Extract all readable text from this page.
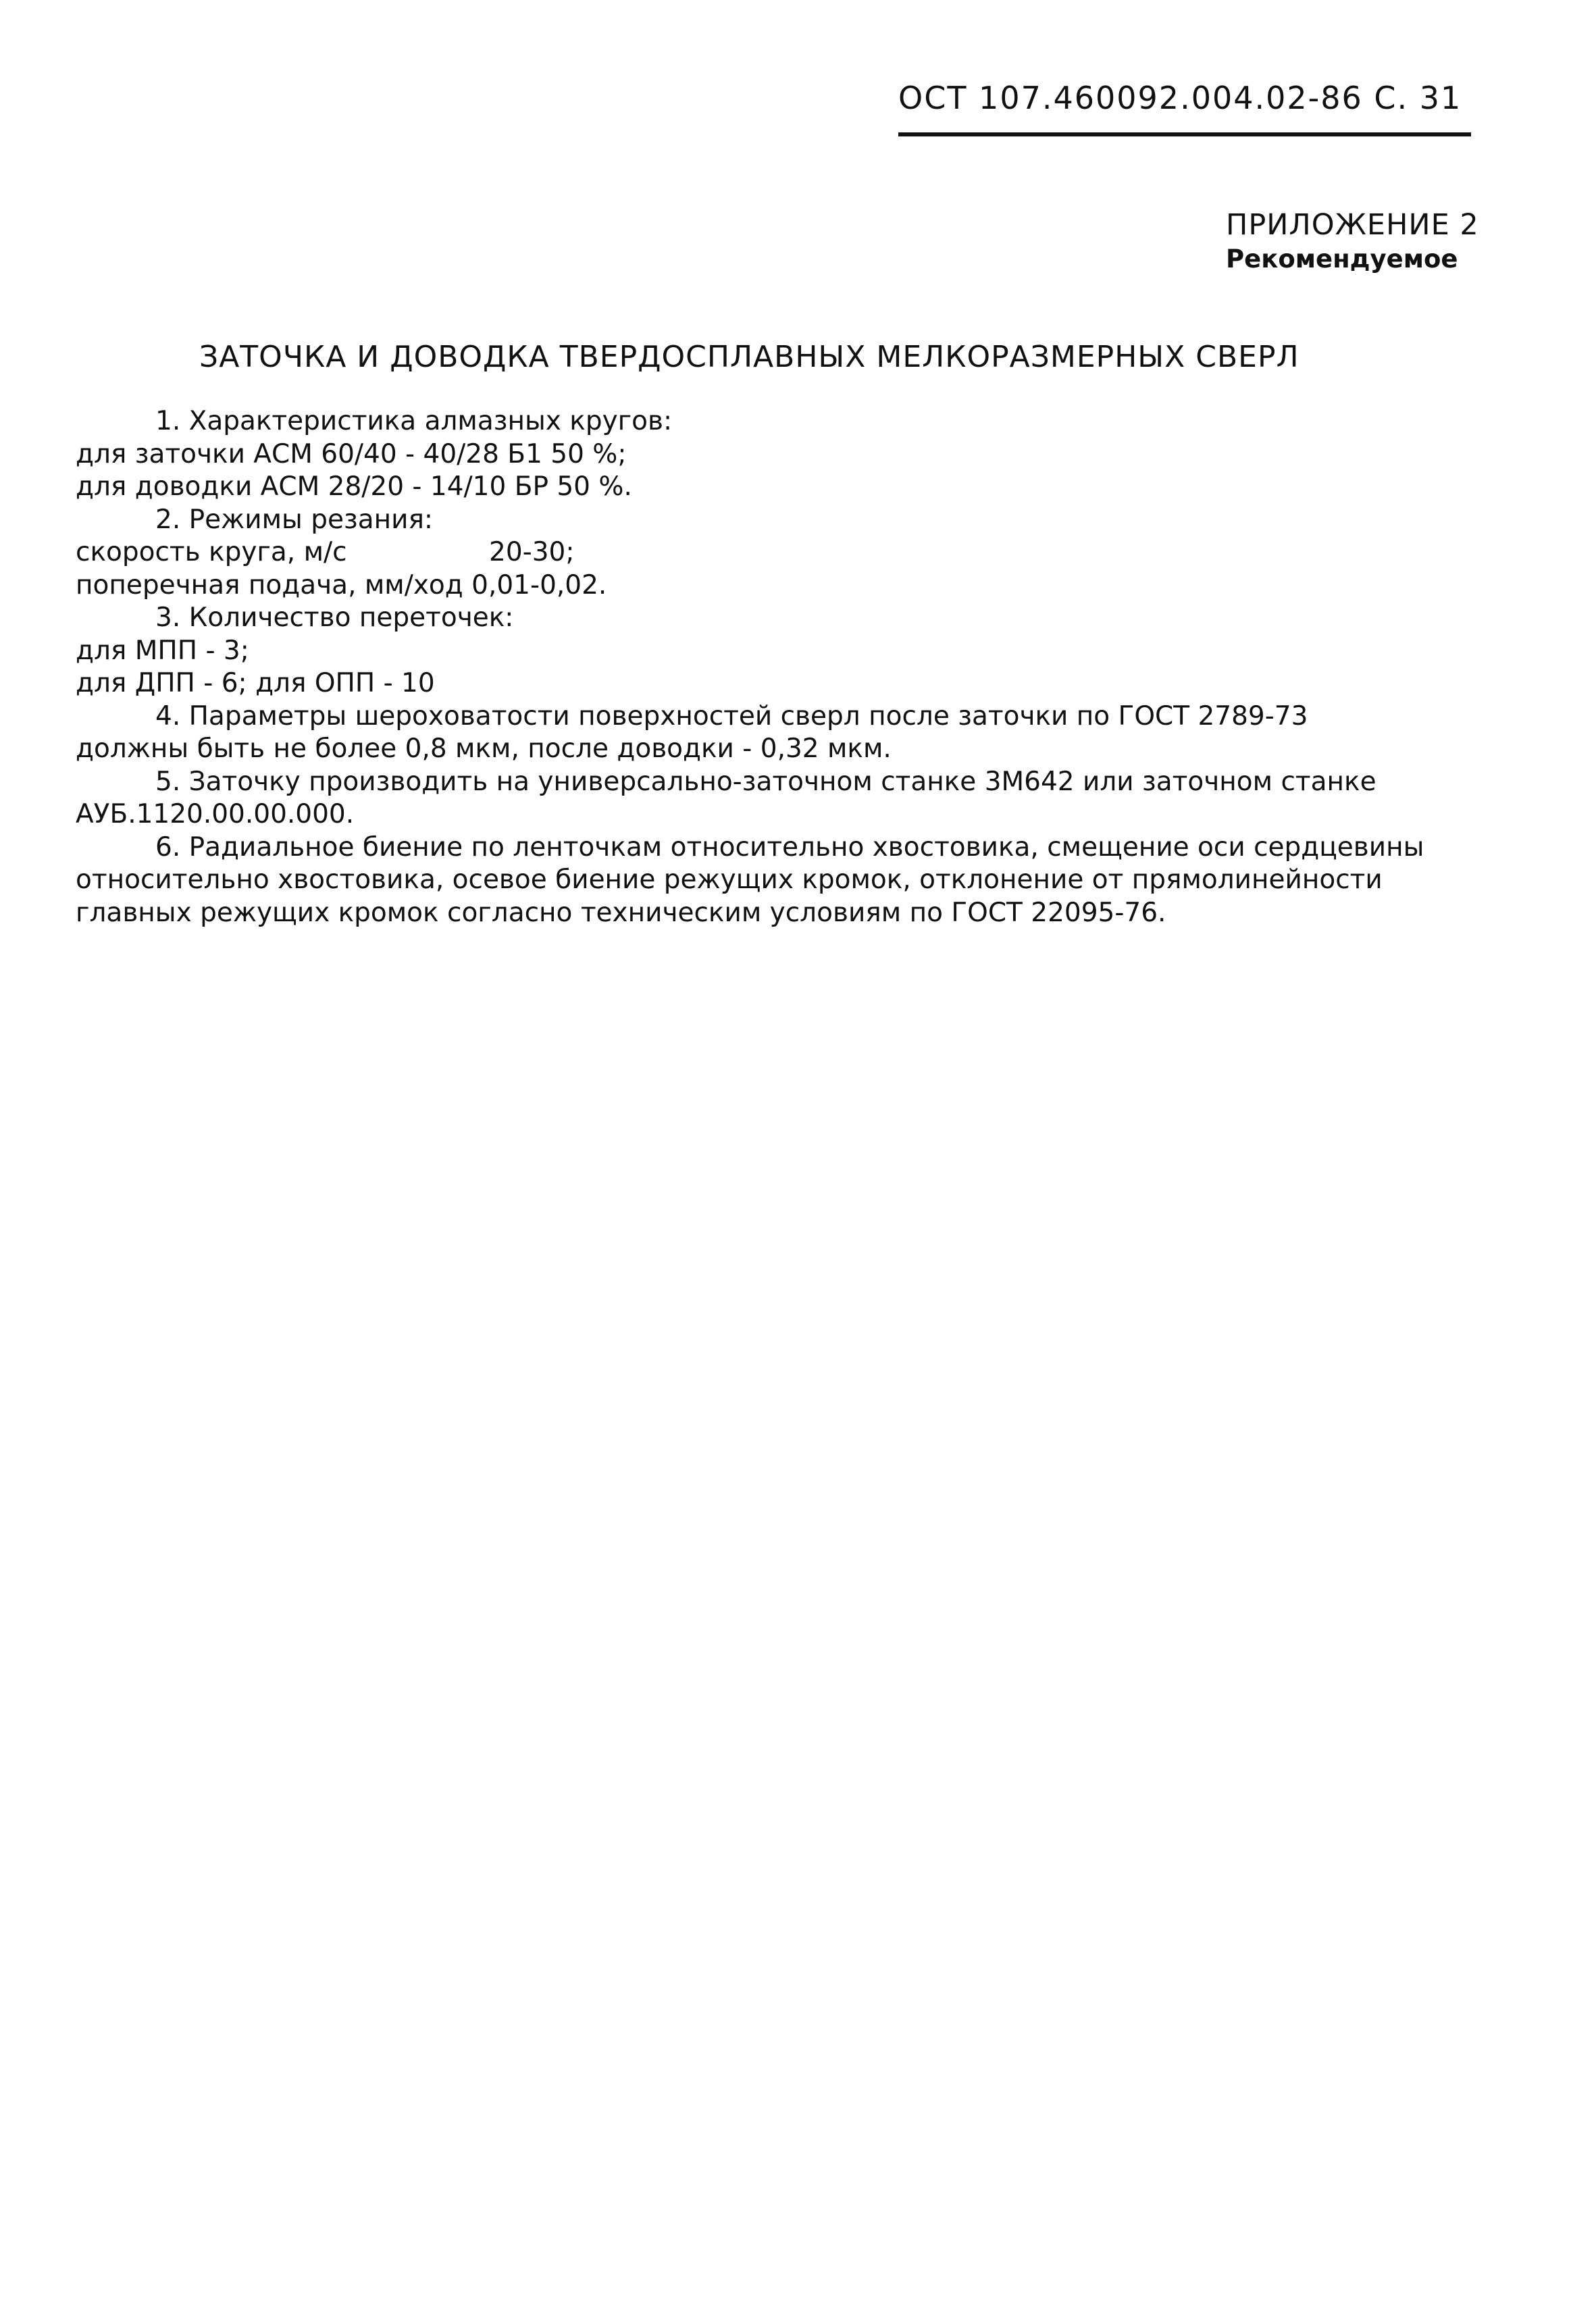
ОСТ 107.460092.004.02-86 С. 31
ПРИЛОЖЕНИЕ 2
Рекомендуемое
ЗАТОЧКА И ДОВОДКА ТВЕРДОСПЛАВНЫХ МЕЛКОРАЗМЕРНЫХ СВЕРЛ
1. Характеристика алмазных кругов:
для заточки АСМ 60/40 - 40/28 Б1 50 %;
для доводки АСМ 28/20 - 14/10 БР 50 %.
2. Режимы резания:
скорость круга, м/с	20-30;
поперечная подача, мм/ход 0,01-0,02.
3. Количество переточек:
для МПП - 3;
для ДПП - 6; для ОПП - 10
4. Параметры шероховатости поверхностей сверл после заточки по ГОСТ 2789-73
должны быть не более 0,8 мкм, после доводки - 0,32 мкм.
5. Заточку производить на универсально-заточном станке 3М642 или заточном станке
АУБ.1120.00.00.000.
6. Радиальное биение по ленточкам относительно хвостовика, смещение оси сердцевины
относительно хвостовика, осевое биение режущих кромок, отклонение от прямолинейности
главных режущих кромок согласно техническим условиям по ГОСТ 22095-76.
